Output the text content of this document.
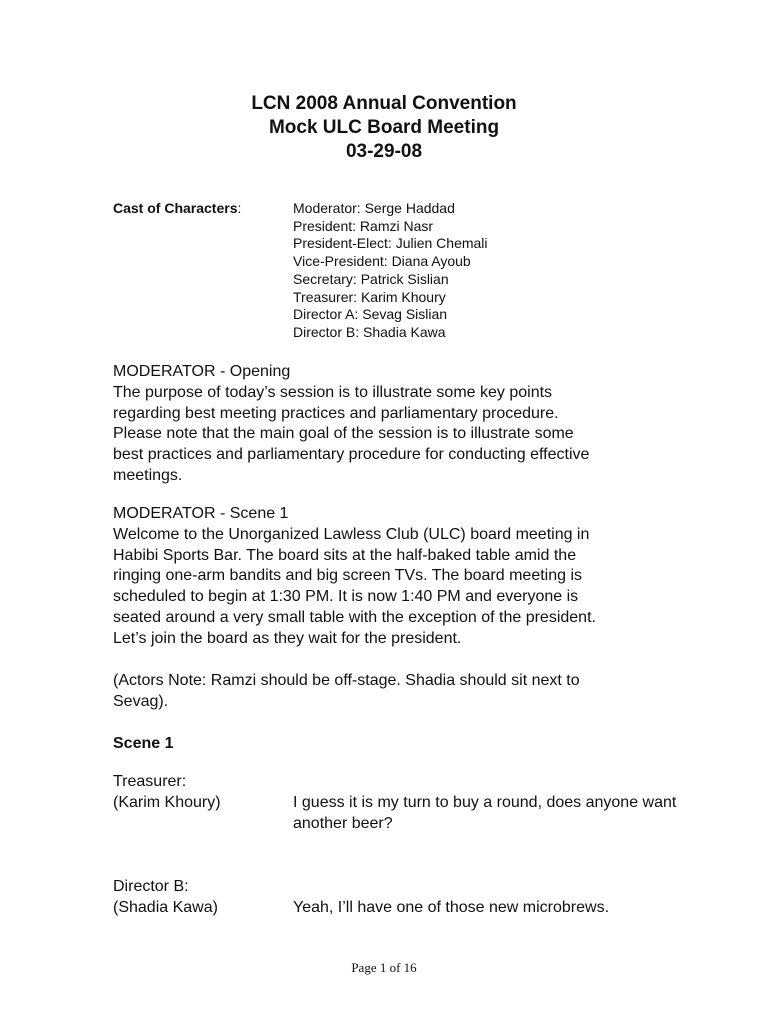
LCN 2008 Annual Convention
Mock ULC Board Meeting
03-29-08
Cast of Characters:	Moderator: Serge Haddad
President: Ramzi Nasr
President-Elect: Julien Chemali
Vice-President: Diana Ayoub
Secretary: Patrick Sislian
Treasurer: Karim Khoury
Director A: Sevag Sislian
Director B: Shadia Kawa

MODERATOR - Opening

The purpose of today’s session is to illustrate some key points

regarding best meeting practices and parliamentary procedure.

Please note that the main goal of the session is to illustrate some

best practices and parliamentary procedure for conducting effective

meetings.

MODERATOR - Scene 1

Welcome to the Unorganized Lawless Club (ULC) board meeting in

Habibi Sports Bar. The board sits at the half-baked table amid the

ringing one-arm bandits and big screen TVs. The board meeting is

scheduled to begin at 1:30 PM. It is now 1:40 PM and everyone is

seated around a very small table with the exception of the president.

Let’s join the board as they wait for the president.

(Actors Note: Ramzi should be off-stage. Shadia should sit next to

Sevag).

Scene 1
Treasurer:
(Karim Khoury)	I guess it is my turn to buy a round, does anyone want
another beer?
Director B:
(Shadia Kawa)	Yeah, I’ll have one of those new microbrews.
Page 1 of 16
